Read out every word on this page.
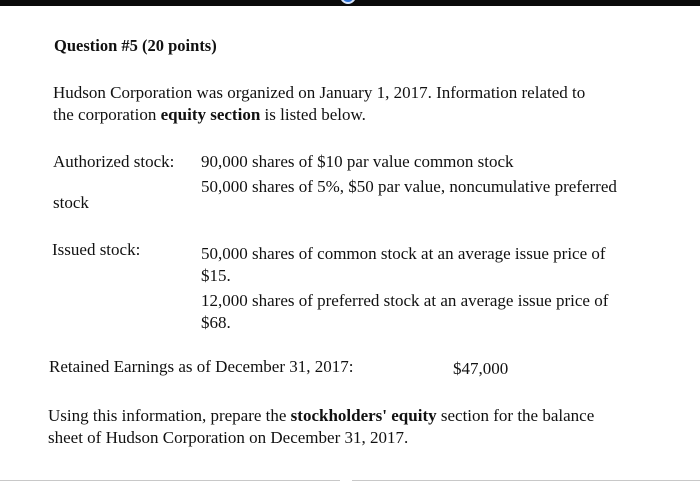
Question #5 (20 points)
Hudson Corporation was organized on January 1, 2017. Information related to
the corporation equity section is listed below.
Authorized stock: 90,000 shares of $10 par value common stock
50,000 shares of 5%, $50 par value, noncumulative preferred
stock
Issued stock:	50,000 shares of common stock at an average issue price of
$15.
12,000 shares of preferred stock at an average issue price of
$68.
Retained Earnings as of December 31, 2017:	$47,000
Using this information, prepare the stockholders' equity section for the balance
sheet of Hudson Corporation on December 31, 2017.
